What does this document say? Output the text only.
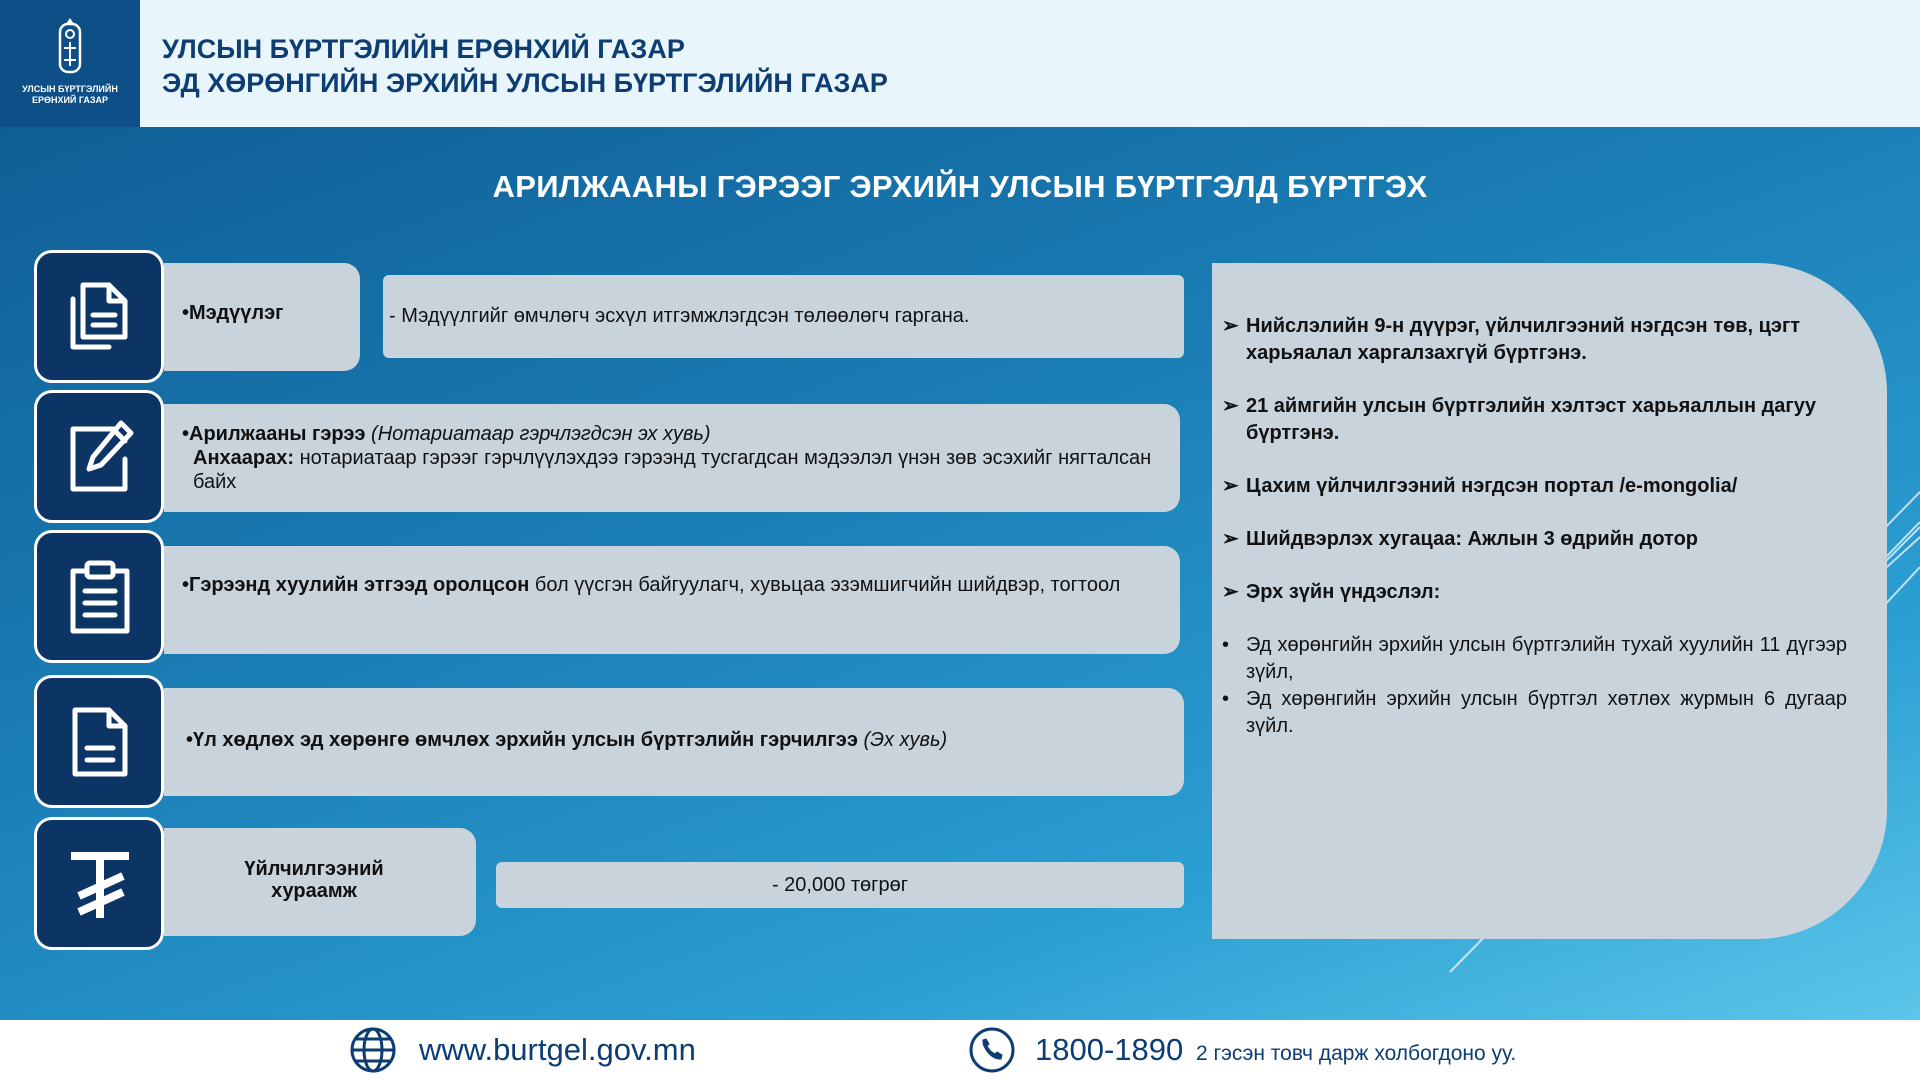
УЛСЫН БҮРТГЭЛИЙН
ЕРӨНХИЙ ГАЗАР
УЛСЫН БҮРТГЭЛИЙН ЕРӨНХИЙ ГАЗАР
ЭД ХӨРӨНГИЙН ЭРХИЙН УЛСЫН БҮРТГЭЛИЙН ГАЗАР
АРИЛЖААНЫ ГЭРЭЭГ ЭРХИЙН УЛСЫН БҮРТГЭЛД БҮРТГЭХ
•Мэдүүлэг	- Мэдүүлгийг өмчлөгч эсхүл итгэмжлэгдсэн төлөөлөгч гаргана.
•Арилжааны гэрээ (Нотариатаар гэрчлэгдсэн эх хувь)
Анхаарах: нотариатаар гэрээг гэрчлүүлэхдээ гэрээнд тусгагдсан мэдээлэл үнэн зөв эсэхийг нягталсан байх
•Гэрээнд хуулийн этгээд оролцсон бол үүсгэн байгуулагч, хувьцаа эзэмшигчийн шийдвэр, тогтоол
•Үл хөдлөх эд хөрөнгө өмчлөх эрхийн улсын бүртгэлийн гэрчилгээ (Эх хувь)
Үйлчилгээний хураамж	- 20,000 төгрөг
➢ Нийслэлийн 9-н дүүрэг, үйлчилгээний нэгдсэн төв, цэгт харьяалал харгалзахгүй бүртгэнэ.
➢ 21 аймгийн улсын бүртгэлийн хэлтэст харьяаллын дагуу бүртгэнэ.
➢ Цахим үйлчилгээний нэгдсэн портал /e-mongolia/
➢ Шийдвэрлэх хугацаа: Ажлын 3 өдрийн дотор
➢ Эрх зүйн үндэслэл:
• Эд хөрөнгийн эрхийн улсын бүртгэлийн тухай хуулийн 11 дүгээр зүйл,
• Эд хөрөнгийн эрхийн улсын бүртгэл хөтлөх журмын 6 дугаар зүйл.
www.burtgel.gov.mn	1800-1890 2 гэсэн товч дарж холбогдоно уу.
